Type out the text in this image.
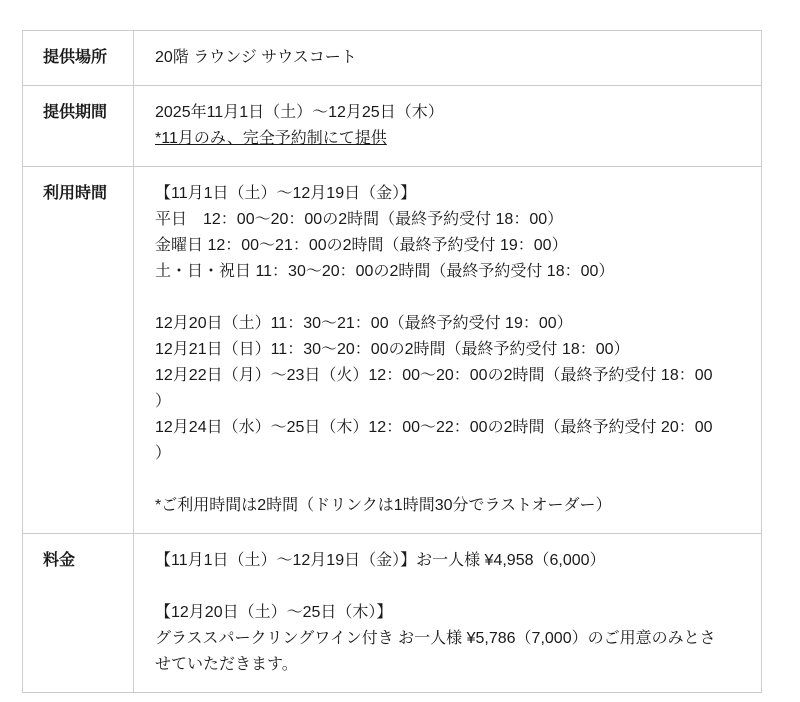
提供場所	20階 ラウンジ サウスコート
提供期間	2025年11月1日（土）〜12月25日（木）
*11月のみ、完全予約制にて提供
利用時間	【11月1日（土）〜12月19日（金）】
平日　12：00〜20：00の2時間（最終予約受付 18：00）
金曜日 12：00〜21：00の2時間（最終予約受付 19：00）
土・日・祝日 11：30〜20：00の2時間（最終予約受付 18：00）
12月20日（土）11：30〜21：00（最終予約受付 19：00）
12月21日（日）11：30〜20：00の2時間（最終予約受付 18：00）
12月22日（月）〜23日（火）12：00〜20：00の2時間（最終予約受付 18：00
）
12月24日（水）〜25日（木）12：00〜22：00の2時間（最終予約受付 20：00
）
*ご利用時間は2時間（ドリンクは1時間30分でラストオーダー）
料金	【11月1日（土）〜12月19日（金）】お一人様 ¥4,958（6,000）
【12月20日（土）〜25日（木）】
グラススパークリングワイン付き お一人様 ¥5,786（7,000）のご用意のみとさ
せていただきます。
